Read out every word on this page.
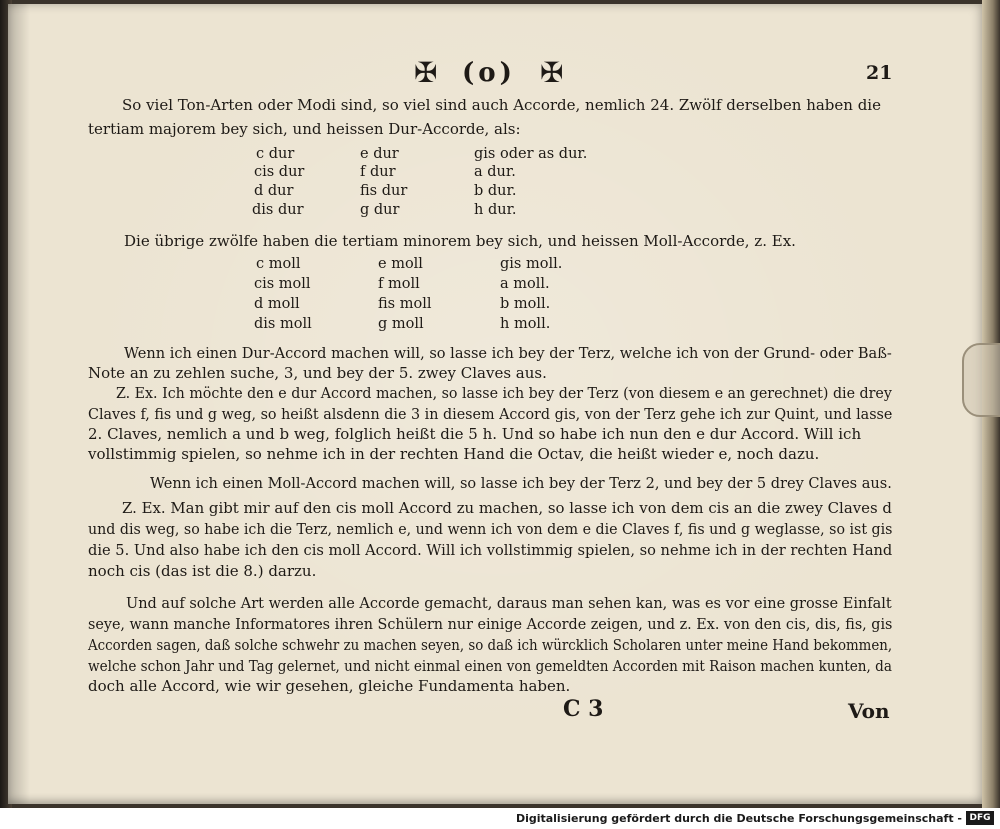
✠ (o) ✠	21
So viel Ton-Arten oder Modi sind, so viel sind auch Accorde, nemlich 24. Zwölf derselben haben die
tertiam majorem bey sich, und heissen Dur-Accorde, als:
c dur	e dur	gis oder as dur.
cis dur	f dur	a dur.
d dur	fis dur	b dur.
dis dur	g dur	h dur.
Die übrige zwölfe haben die tertiam minorem bey sich, und heissen Moll-Accorde, z. Ex.
c moll	e moll	gis moll.
cis moll	f moll	a moll.
d moll	fis moll	b moll.
dis moll	g moll	h moll.
Wenn ich einen Dur-Accord machen will, so lasse ich bey der Terz, welche ich von der Grund- oder Baß-
Note an zu zehlen suche, 3, und bey der 5. zwey Claves aus.
Z. Ex. Ich möchte den e dur Accord machen, so lasse ich bey der Terz (von diesem e an gerechnet) die drey
Claves f, fis und g weg, so heißt alsdenn die 3 in diesem Accord gis, von der Terz gehe ich zur Quint, und lasse
2. Claves, nemlich a und b weg, folglich heißt die 5 h. Und so habe ich nun den e dur Accord. Will ich
vollstimmig spielen, so nehme ich in der rechten Hand die Octav, die heißt wieder e, noch dazu.
Wenn ich einen Moll-Accord machen will, so lasse ich bey der Terz 2, und bey der 5 drey Claves aus.
Z. Ex. Man gibt mir auf den cis moll Accord zu machen, so lasse ich von dem cis an die zwey Claves d
und dis weg, so habe ich die Terz, nemlich e, und wenn ich von dem e die Claves f, fis und g weglasse, so ist gis
die 5. Und also habe ich den cis moll Accord. Will ich vollstimmig spielen, so nehme ich in der rechten Hand
noch cis (das ist die 8.) darzu.
Und auf solche Art werden alle Accorde gemacht, daraus man sehen kan, was es vor eine grosse Einfalt
seye, wann manche Informatores ihren Schülern nur einige Accorde zeigen, und z. Ex. von den cis, dis, fis, gis
Accorden sagen, daß solche schwehr zu machen seyen, so daß ich würcklich Scholaren unter meine Hand bekommen,
welche schon Jahr und Tag gelernet, und nicht einmal einen von gemeldten Accorden mit Raison machen kunten, da
doch alle Accord, wie wir gesehen, gleiche Fundamenta haben.
C 3	Von
Digitalisierung gefördert durch die Deutsche Forschungsgemeinschaft - DFG
